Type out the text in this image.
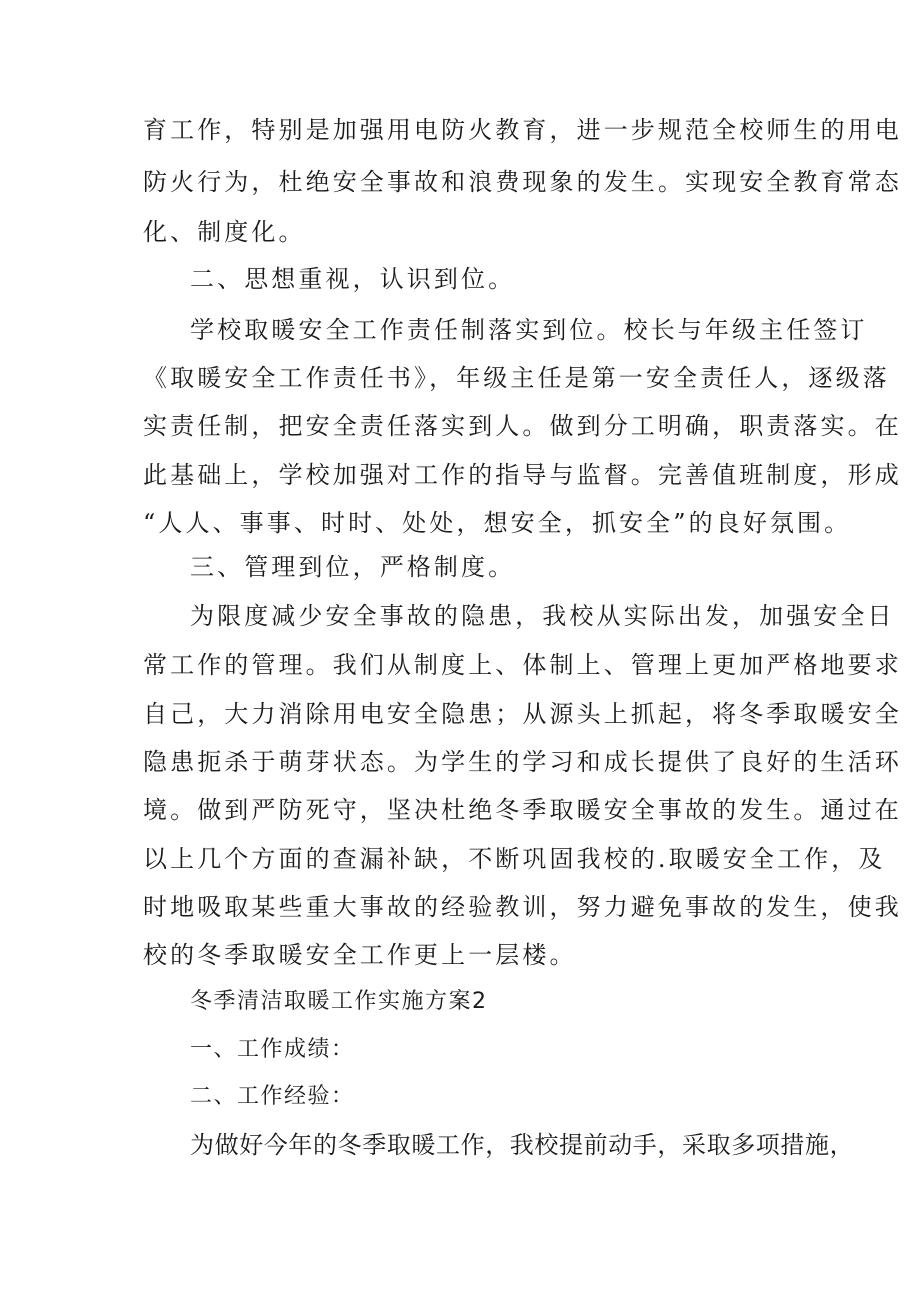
育工作，特别是加强用电防火教育，进一步规范全校师生的用电
防火行为，杜绝安全事故和浪费现象的发生。实现安全教育常态
化、制度化。
二、思想重视，认识到位。
学校取暖安全工作责任制落实到位。校长与年级主任签订
《取暖安全工作责任书》，年级主任是第一安全责任人，逐级落
实责任制，把安全责任落实到人。做到分工明确，职责落实。在
此基础上，学校加强对工作的指导与监督。完善值班制度，形成
“人人、事事、时时、处处，想安全，抓安全”的良好氛围。
三、管理到位，严格制度。
为限度减少安全事故的隐患，我校从实际出发，加强安全日
常工作的管理。我们从制度上、体制上、管理上更加严格地要求
自己，大力消除用电安全隐患；从源头上抓起，将冬季取暖安全
隐患扼杀于萌芽状态。为学生的学习和成长提供了良好的生活环
境。做到严防死守，坚决杜绝冬季取暖安全事故的发生。通过在
以上几个方面的查漏补缺，不断巩固我校的.取暖安全工作，及
时地吸取某些重大事故的经验教训，努力避免事故的发生，使我
校的冬季取暖安全工作更上一层楼。
冬季清洁取暖工作实施方案2
一、工作成绩：
二、工作经验：
为做好今年的冬季取暖工作，我校提前动手，采取多项措施，
